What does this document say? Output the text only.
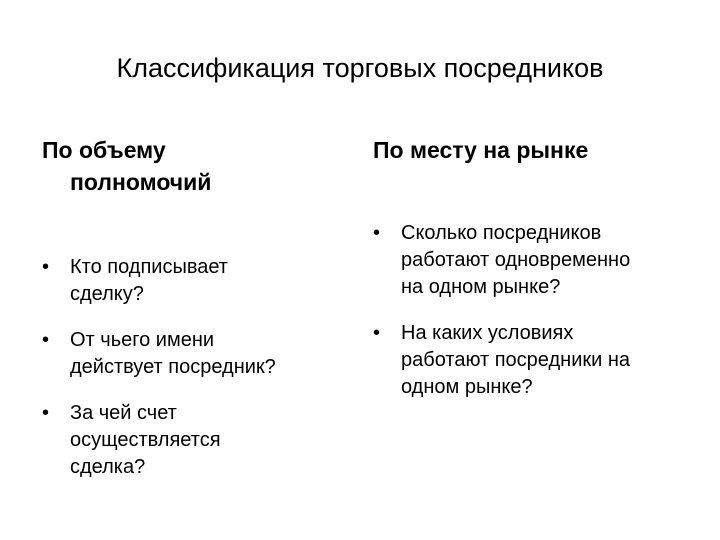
Классификация торговых посредников
По объему
полномочий
По месту на рынке
• Кто подписывает
сделку?
• От чьего имени
действует посредник?
• За чей счет
осуществляется
сделка?
• Сколько посредников
работают одновременно
на одном рынке?
• На каких условиях
работают посредники на
одном рынке?
